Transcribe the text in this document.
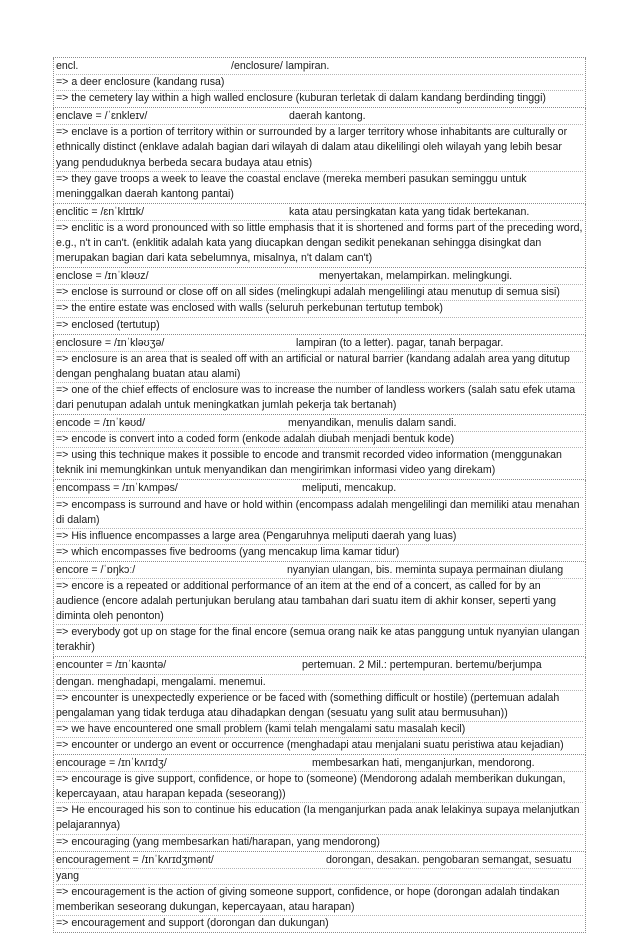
encl.	/enclosure/ lampiran.
=> a deer enclosure (kandang rusa)
=> the cemetery lay within a high walled enclosure (kuburan terletak di dalam kandang berdinding tinggi)
enclave = /ˈɛnkleɪv/	daerah kantong.
=> enclave is a portion of territory within or surrounded by a larger territory whose inhabitants are culturally or ethnically distinct (enklave adalah bagian dari wilayah di dalam atau dikelilingi oleh wilayah yang lebih besar yang penduduknya berbeda secara budaya atau etnis)
=> they gave troops a week to leave the coastal enclave (mereka memberi pasukan seminggu untuk meninggalkan daerah kantong pantai)
enclitic = /ɛnˈklɪtɪk/	kata atau persingkatan kata yang tidak bertekanan.
=> enclitic is a word pronounced with so little emphasis that it is shortened and forms part of the preceding word, e.g., n't in can't. (enklitik adalah kata yang diucapkan dengan sedikit penekanan sehingga disingkat dan merupakan bagian dari kata sebelumnya, misalnya, n't dalam can't)
enclose = /ɪnˈkləʊz/	menyertakan, melampirkan. melingkungi.
=> enclose is surround or close off on all sides (melingkupi adalah mengelilingi atau menutup di semua sisi)
=> the entire estate was enclosed with walls (seluruh perkebunan tertutup tembok)
=> enclosed (tertutup)
enclosure = /ɪnˈkləʊʒə/	lampiran (to a letter). pagar, tanah berpagar.
=> enclosure is an area that is sealed off with an artificial or natural barrier (kandang adalah area yang ditutup dengan penghalang buatan atau alami)
=> one of the chief effects of enclosure was to increase the number of landless workers (salah satu efek utama dari penutupan adalah untuk meningkatkan jumlah pekerja tak bertanah)
encode = /ɪnˈkəʊd/	menyandikan, menulis dalam sandi.
=> encode is convert into a coded form (enkode adalah diubah menjadi bentuk kode)
=> using this technique makes it possible to encode and transmit recorded video information (menggunakan teknik ini memungkinkan untuk menyandikan dan mengirimkan informasi video yang direkam)
encompass = /ɪnˈkʌmpəs/	meliputi, mencakup.
=> encompass is surround and have or hold within (encompass adalah mengelilingi dan memiliki atau menahan di dalam)
=> His influence encompasses a large area (Pengaruhnya meliputi daerah yang luas)
=> which encompasses five bedrooms (yang mencakup lima kamar tidur)
encore = /ˈɒŋkɔː/	nyanyian ulangan, bis. meminta supaya permainan diulang
=> encore is a repeated or additional performance of an item at the end of a concert, as called for by an audience (encore adalah pertunjukan berulang atau tambahan dari suatu item di akhir konser, seperti yang diminta oleh penonton)
=> everybody got up on stage for the final encore (semua orang naik ke atas panggung untuk nyanyian ulangan terakhir)
encounter = /ɪnˈkaʊntə/	pertemuan. 2 Mil.: pertempuran. bertemu/berjumpa
dengan. menghadapi, mengalami. menemui.
=> encounter is unexpectedly experience or be faced with (something difficult or hostile) (pertemuan adalah pengalaman yang tidak terduga atau dihadapkan dengan (sesuatu yang sulit atau bermusuhan))
=> we have encountered one small problem (kami telah mengalami satu masalah kecil)
=> encounter or undergo an event or occurrence (menghadapi atau menjalani suatu peristiwa atau kejadian)
encourage = /ɪnˈkʌrɪdʒ/	membesarkan hati, menganjurkan, mendorong.
=> encourage is give support, confidence, or hope to (someone) (Mendorong adalah memberikan dukungan, kepercayaan, atau harapan kepada (seseorang))
=> He encouraged his son to continue his education (Ia menganjurkan pada anak lelakinya supaya melanjutkan pelajarannya)
=> encouraging (yang membesarkan hati/harapan, yang mendorong)
encouragement = /ɪnˈkʌrɪdʒmənt/	dorongan, desakan. pengobaran semangat, sesuatu
yang
=> encouragement is the action of giving someone support, confidence, or hope (dorongan adalah tindakan memberikan seseorang dukungan, kepercayaan, atau harapan)
=> encouragement and support (dorongan dan dukungan)
